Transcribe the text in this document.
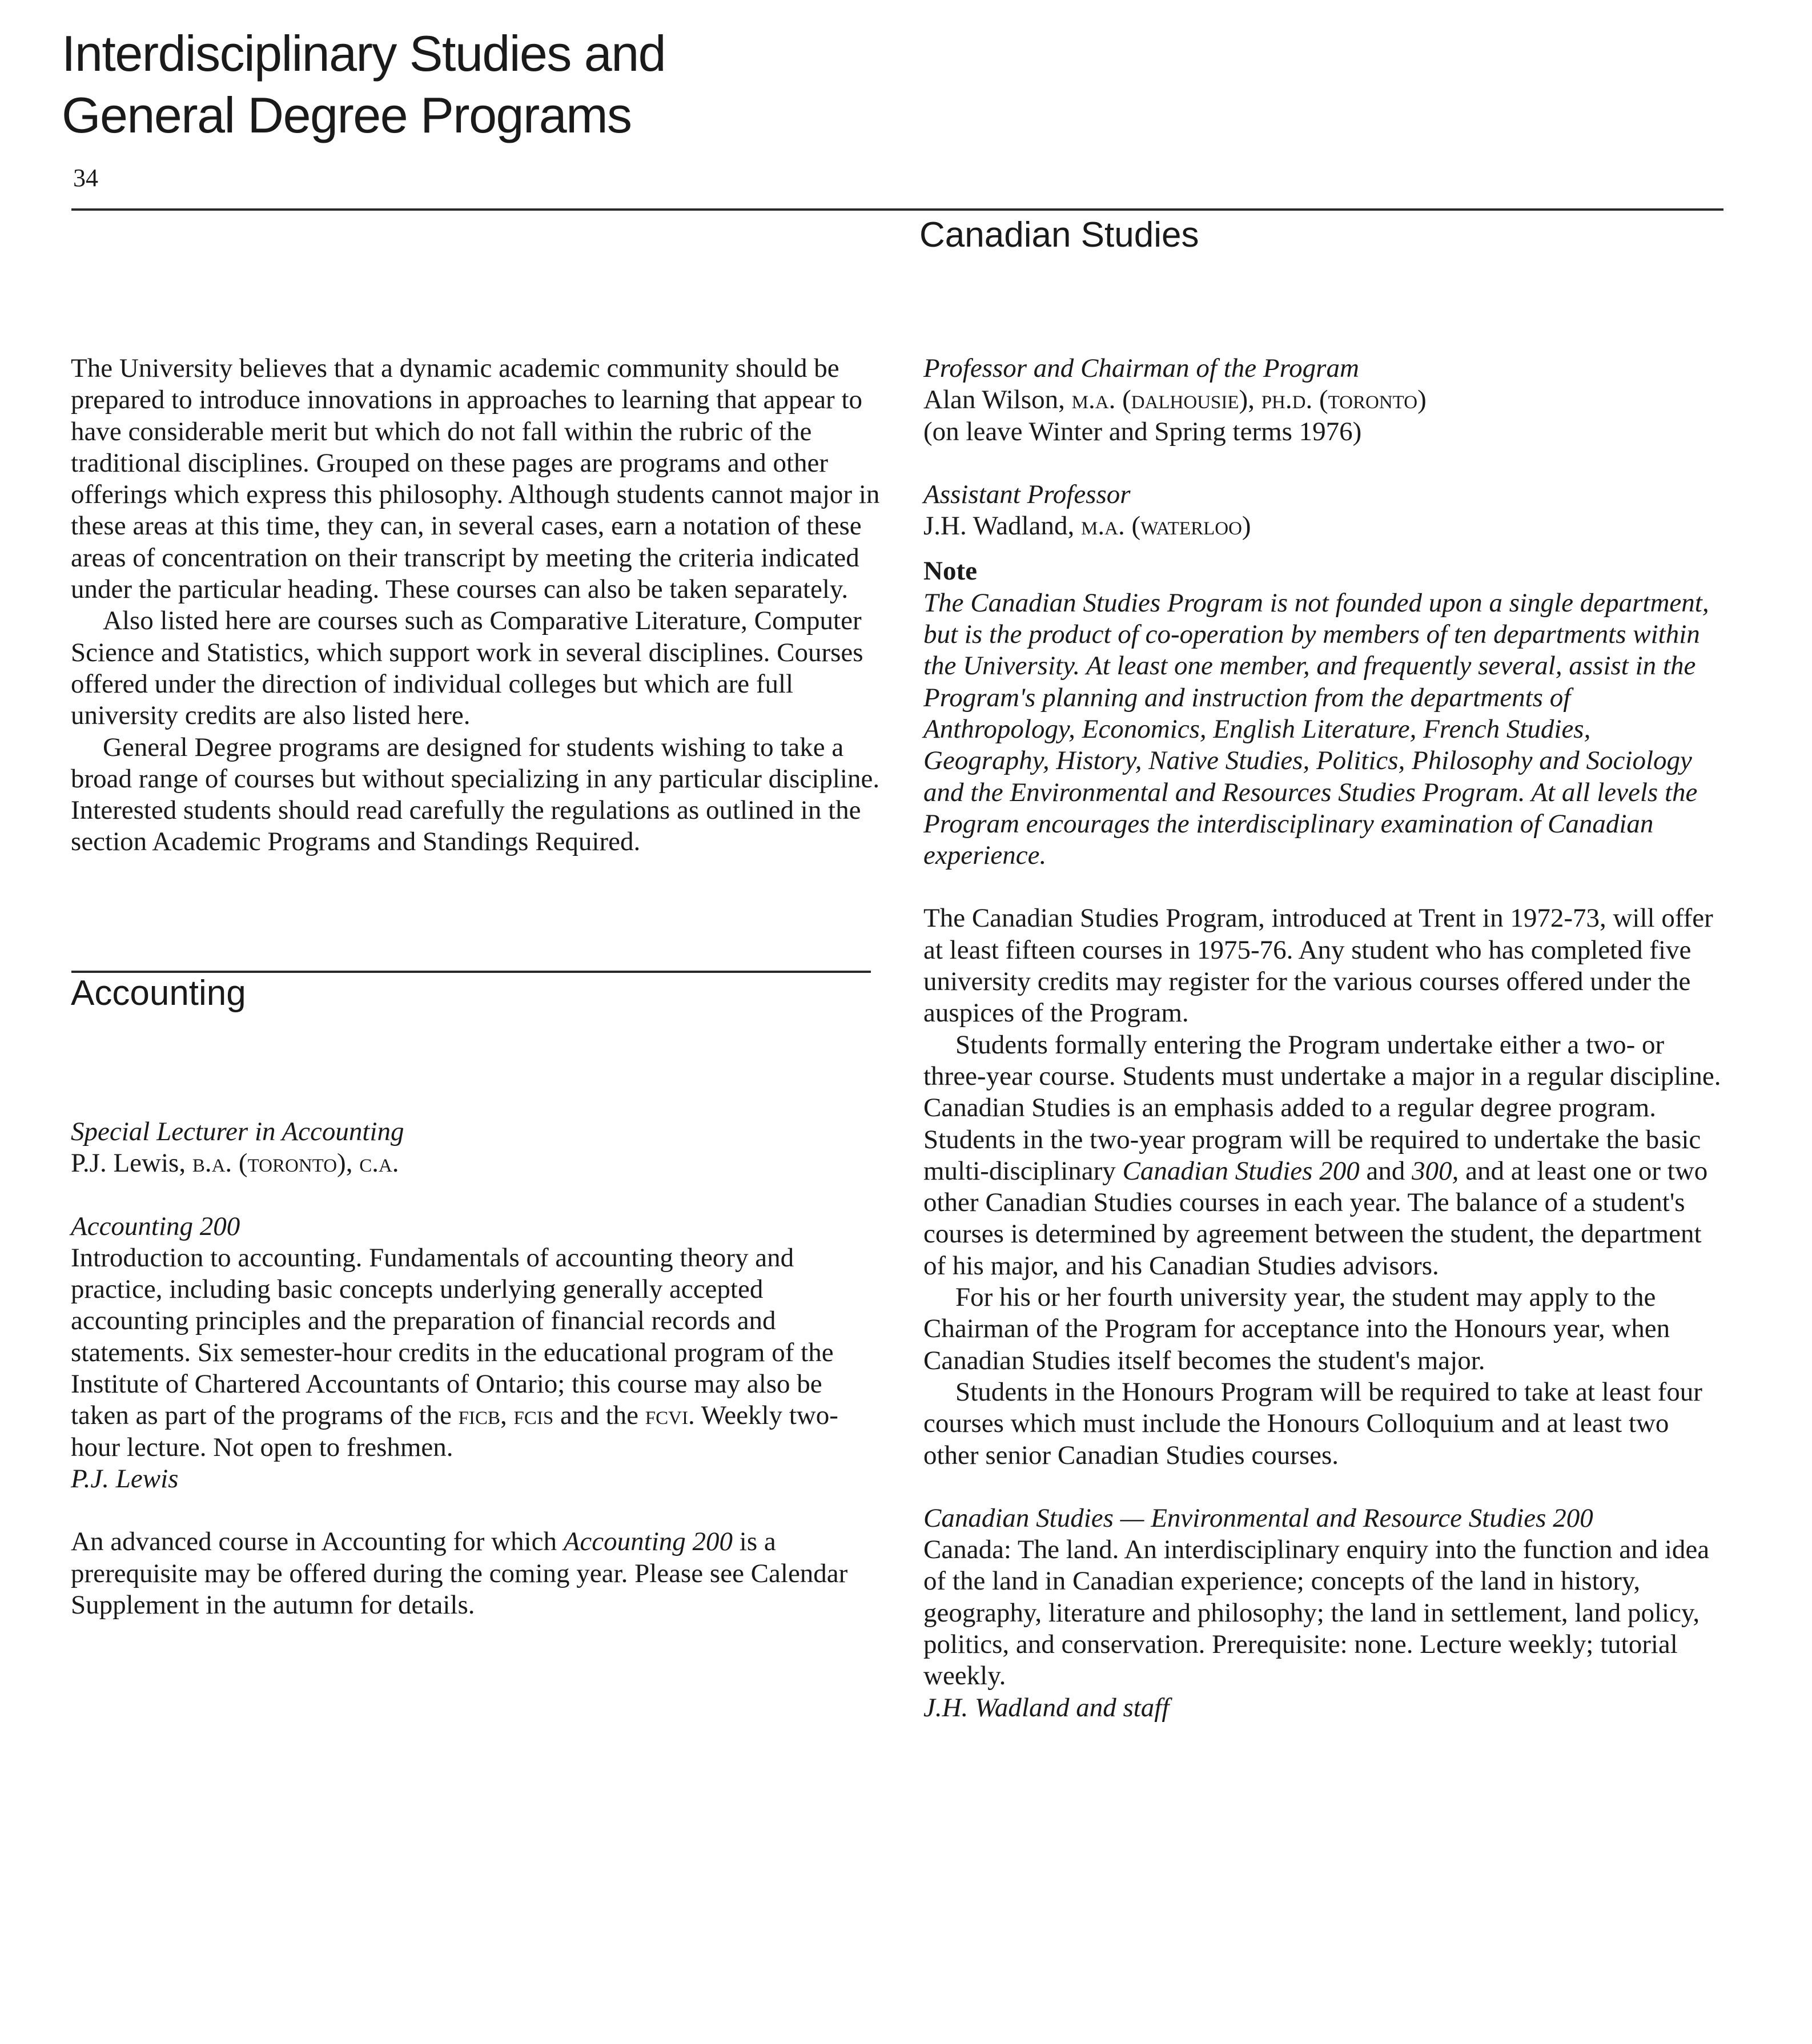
Interdisciplinary Studies and
General Degree Programs
34
Canadian Studies

The University believes that a dynamic academic community should be prepared to introduce innovations in approaches to learning that appear to have considerable merit but which do not fall within the rubric of the traditional disciplines. Grouped on these pages are programs and other offerings which express this philosophy. Although students cannot major in these areas at this time, they can, in several cases, earn a notation of these areas of concentration on their transcript by meeting the criteria indicated under the particular heading. These courses can also be taken separately.

Also listed here are courses such as Comparative Literature, Computer Science and Statistics, which support work in several disciplines. Courses offered under the direction of individual colleges but which are full university credits are also listed here.

General Degree programs are designed for students wishing to take a broad range of courses but without specializing in any particular discipline. Interested students should read carefully the regulations as outlined in the section Academic Programs and Standings Required.

Accounting

Special Lecturer in Accounting

P.J. Lewis, b.a. (toronto), c.a.

Accounting 200

Introduction to accounting. Fundamentals of accounting theory and practice, including basic concepts underlying generally accepted accounting principles and the preparation of financial records and statements. Six semester-hour credits in the educational program of the Institute of Chartered Accountants of Ontario; this course may also be taken as part of the programs of the ficb, fcis and the fcvi. Weekly two-hour lecture. Not open to freshmen.

P.J. Lewis

An advanced course in Accounting for which Accounting 200 is a prerequisite may be offered during the coming year. Please see Calendar Supplement in the autumn for details.

Professor and Chairman of the Program

Alan Wilson, m.a. (dalhousie), ph.d. (toronto)

(on leave Winter and Spring terms 1976)

Assistant Professor

J.H. Wadland, m.a. (waterloo)

Note

The Canadian Studies Program is not founded upon a single department, but is the product of co-operation by members of ten departments within the University. At least one member, and frequently several, assist in the Program's planning and instruction from the departments of Anthropology, Economics, English Literature, French Studies, Geography, History, Native Studies, Politics, Philosophy and Sociology and the Environmental and Resources Studies Program. At all levels the Program encourages the interdisciplinary examination of Canadian experience.

The Canadian Studies Program, introduced at Trent in 1972-73, will offer at least fifteen courses in 1975-76. Any student who has completed five university credits may register for the various courses offered under the auspices of the Program.

Students formally entering the Program undertake either a two- or three-year course. Students must undertake a major in a regular discipline. Canadian Studies is an emphasis added to a regular degree program. Students in the two-year program will be required to undertake the basic multi-disciplinary Canadian Studies 200 and 300, and at least one or two other Canadian Studies courses in each year. The balance of a student's courses is determined by agreement between the student, the department of his major, and his Canadian Studies advisors.

For his or her fourth university year, the student may apply to the Chairman of the Program for acceptance into the Honours year, when Canadian Studies itself becomes the student's major.

Students in the Honours Program will be required to take at least four courses which must include the Honours Colloquium and at least two other senior Canadian Studies courses.

Canadian Studies — Environmental and Resource Studies 200

Canada: The land. An interdisciplinary enquiry into the function and idea of the land in Canadian experience; concepts of the land in history, geography, literature and philosophy; the land in settlement, land policy, politics, and conservation. Prerequisite: none. Lecture weekly; tutorial weekly.

J.H. Wadland and staff
